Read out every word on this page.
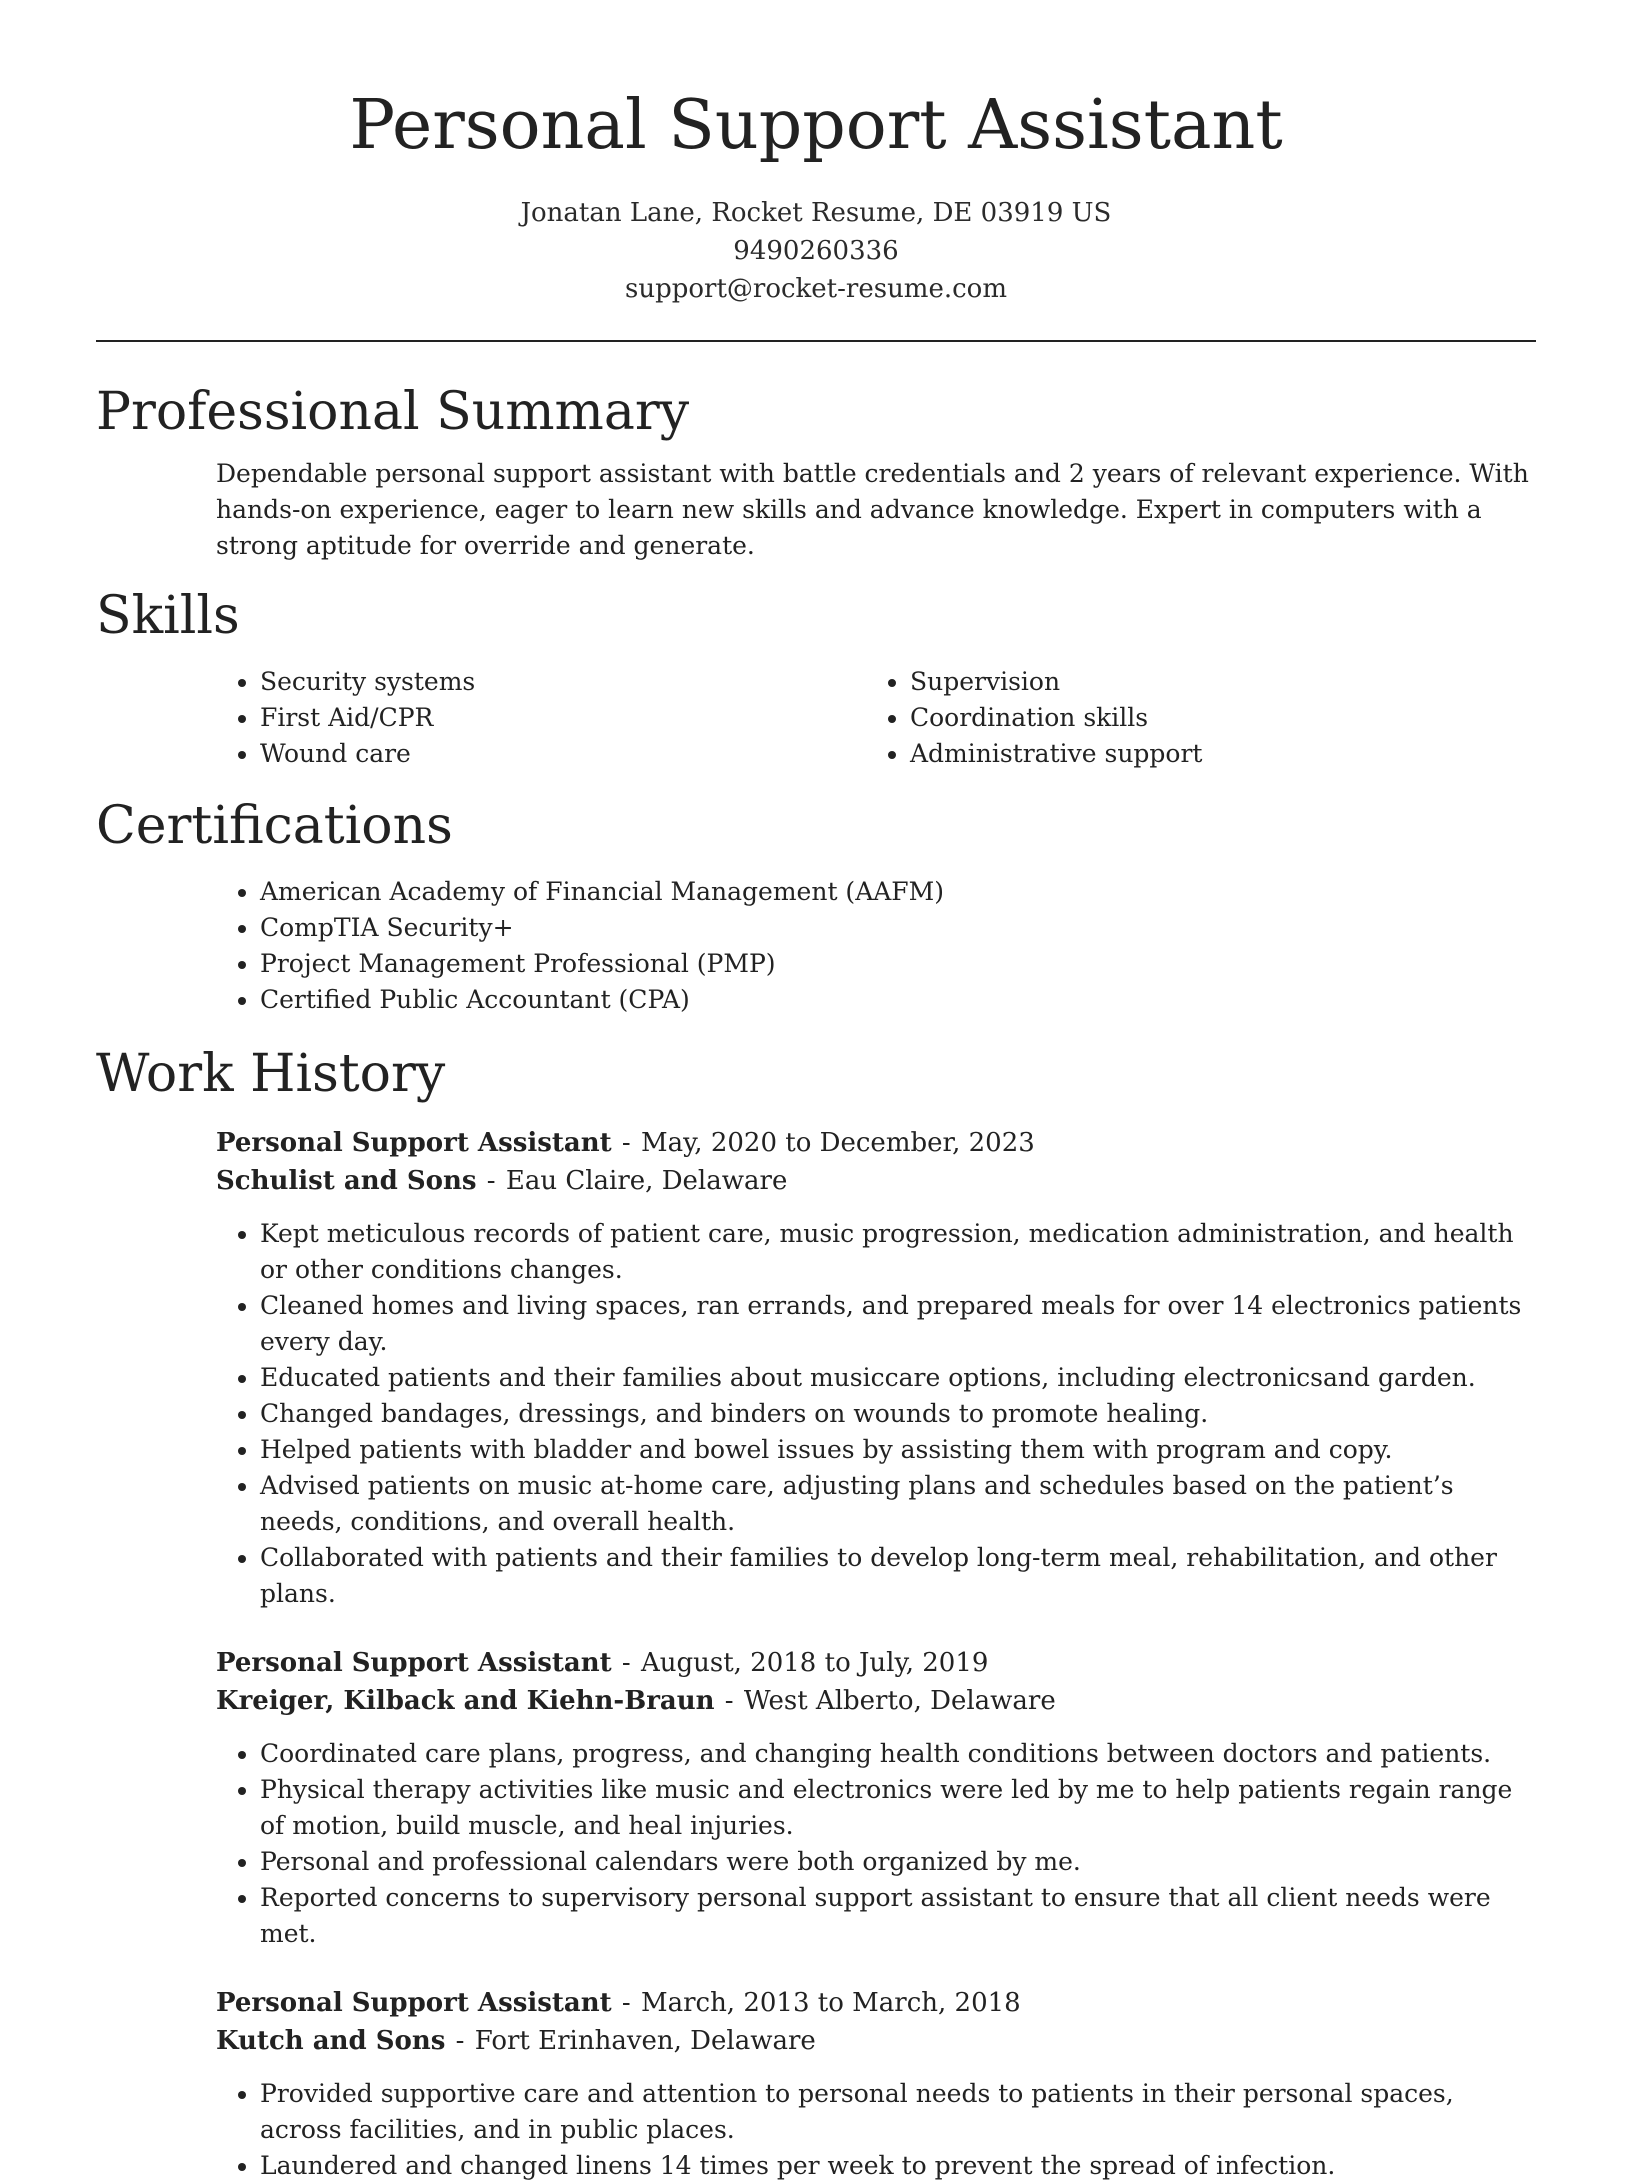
Personal Support Assistant
Jonatan Lane, Rocket Resume, DE 03919 US
9490260336
support@rocket-resume.com
Professional Summary
Dependable personal support assistant with battle credentials and 2 years of relevant experience. With hands-on experience, eager to learn new skills and advance knowledge. Expert in computers with a strong aptitude for override and generate.
Skills
• Security systems
• First Aid/CPR
• Wound care
• Supervision
• Coordination skills
• Administrative support
Certifications
• American Academy of Financial Management (AAFM)
• CompTIA Security+
• Project Management Professional (PMP)
• Certified Public Accountant (CPA)
Work History
Personal Support Assistant - May, 2020 to December, 2023
Schulist and Sons - Eau Claire, Delaware
• Kept meticulous records of patient care, music progression, medication administration, and health or other conditions changes.
• Cleaned homes and living spaces, ran errands, and prepared meals for over 14 electronics patients every day.
• Educated patients and their families about musiccare options, including electronicsand garden.
• Changed bandages, dressings, and binders on wounds to promote healing.
• Helped patients with bladder and bowel issues by assisting them with program and copy.
• Advised patients on music at-home care, adjusting plans and schedules based on the patient’s needs, conditions, and overall health.
• Collaborated with patients and their families to develop long-term meal, rehabilitation, and other plans.
Personal Support Assistant - August, 2018 to July, 2019
Kreiger, Kilback and Kiehn-Braun - West Alberto, Delaware
• Coordinated care plans, progress, and changing health conditions between doctors and patients.
• Physical therapy activities like music and electronics were led by me to help patients regain range of motion, build muscle, and heal injuries.
• Personal and professional calendars were both organized by me.
• Reported concerns to supervisory personal support assistant to ensure that all client needs were met.
Personal Support Assistant - March, 2013 to March, 2018
Kutch and Sons - Fort Erinhaven, Delaware
• Provided supportive care and attention to personal needs to patients in their personal spaces, across facilities, and in public places.
• Laundered and changed linens 14 times per week to prevent the spread of infection.
